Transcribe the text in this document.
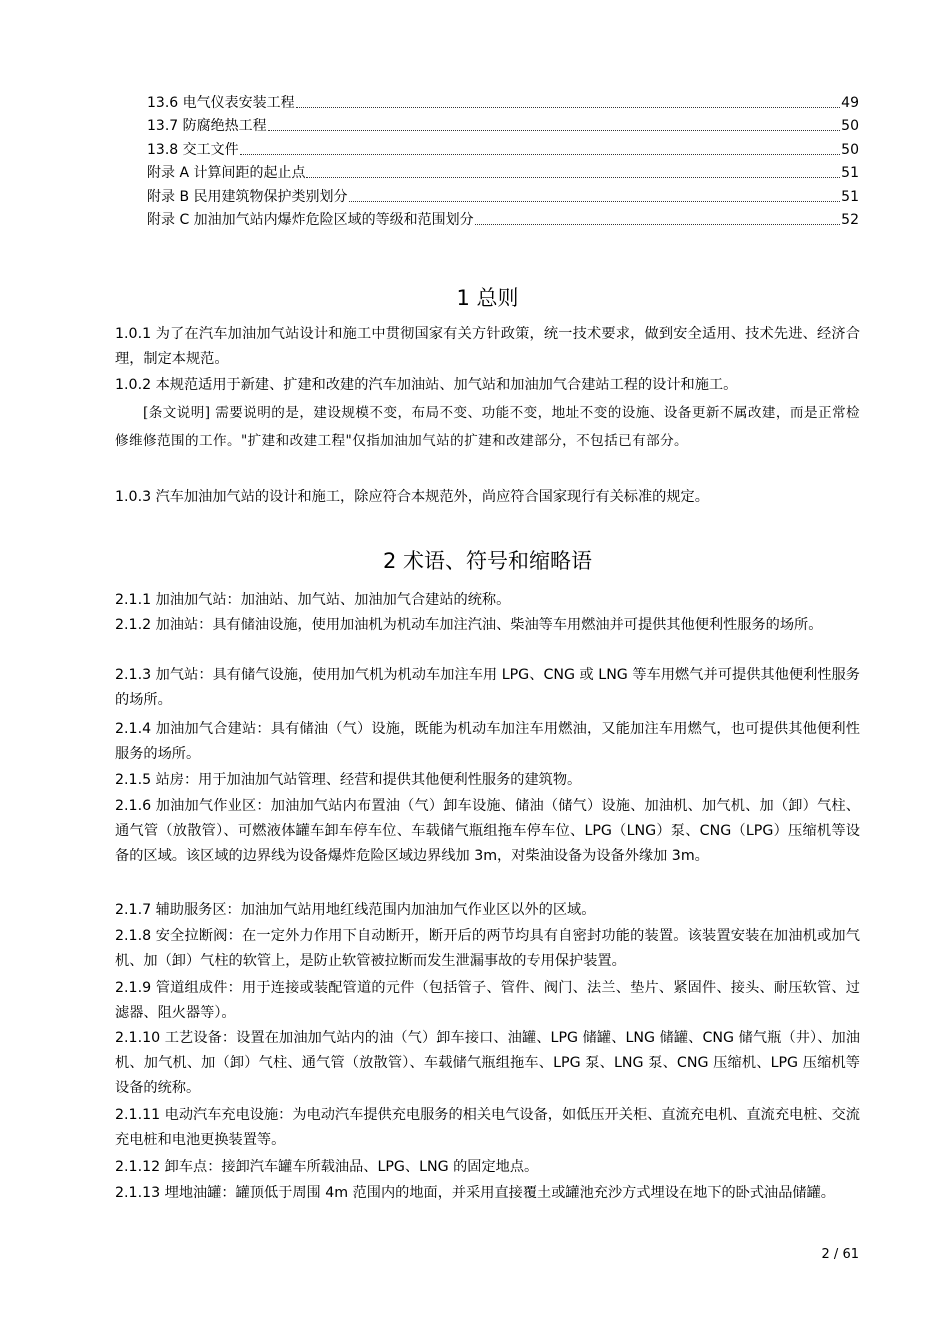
13.6 电气仪表安装工程	49
13.7 防腐绝热工程	50
13.8 交工文件	50
附录 A 计算间距的起止点	51
附录 B 民用建筑物保护类别划分	51
附录 C 加油加气站内爆炸危险区域的等级和范围划分	52
1 总则

1.0.1 为了在汽车加油加气站设计和施工中贯彻国家有关方针政策，统一技术要求，做到安全适用、技术先进、经济合理，制定本规范。

1.0.2 本规范适用于新建、扩建和改建的汽车加油站、加气站和加油加气合建站工程的设计和施工。

[条文说明] 需要说明的是，建设规模不变，布局不变、功能不变，地址不变的设施、设备更新不属改建，而是正常检修维修范围的工作。"扩建和改建工程"仅指加油加气站的扩建和改建部分，不包括已有部分。

1.0.3 汽车加油加气站的设计和施工，除应符合本规范外，尚应符合国家现行有关标准的规定。

2 术语、符号和缩略语

2.1.1 加油加气站：加油站、加气站、加油加气合建站的统称。

2.1.2 加油站：具有储油设施，使用加油机为机动车加注汽油、柴油等车用燃油并可提供其他便利性服务的场所。

2.1.3 加气站：具有储气设施，使用加气机为机动车加注车用 LPG、CNG 或 LNG 等车用燃气并可提供其他便利性服务的场所。

2.1.4 加油加气合建站：具有储油（气）设施，既能为机动车加注车用燃油，又能加注车用燃气，也可提供其他便利性服务的场所。

2.1.5 站房：用于加油加气站管理、经营和提供其他便利性服务的建筑物。

2.1.6 加油加气作业区：加油加气站内布置油（气）卸车设施、储油（储气）设施、加油机、加气机、加（卸）气柱、通气管（放散管）、可燃液体罐车卸车停车位、车载储气瓶组拖车停车位、LPG（LNG）泵、CNG（LPG）压缩机等设备的区域。该区域的边界线为设备爆炸危险区域边界线加 3m，对柴油设备为设备外缘加 3m。

2.1.7 辅助服务区：加油加气站用地红线范围内加油加气作业区以外的区域。

2.1.8 安全拉断阀：在一定外力作用下自动断开，断开后的两节均具有自密封功能的装置。该装置安装在加油机或加气机、加（卸）气柱的软管上，是防止软管被拉断而发生泄漏事故的专用保护装置。

2.1.9 管道组成件：用于连接或装配管道的元件（包括管子、管件、阀门、法兰、垫片、紧固件、接头、耐压软管、过滤器、阻火器等）。

2.1.10 工艺设备：设置在加油加气站内的油（气）卸车接口、油罐、LPG 储罐、LNG 储罐、CNG 储气瓶（井）、加油机、加气机、加（卸）气柱、通气管（放散管）、车载储气瓶组拖车、LPG 泵、LNG 泵、CNG 压缩机、LPG 压缩机等设备的统称。

2.1.11 电动汽车充电设施：为电动汽车提供充电服务的相关电气设备，如低压开关柜、直流充电机、直流充电桩、交流充电桩和电池更换装置等。

2.1.12 卸车点：接卸汽车罐车所载油品、LPG、LNG 的固定地点。

2.1.13 埋地油罐：罐顶低于周围 4m 范围内的地面，并采用直接覆土或罐池充沙方式埋设在地下的卧式油品储罐。

2 / 61
